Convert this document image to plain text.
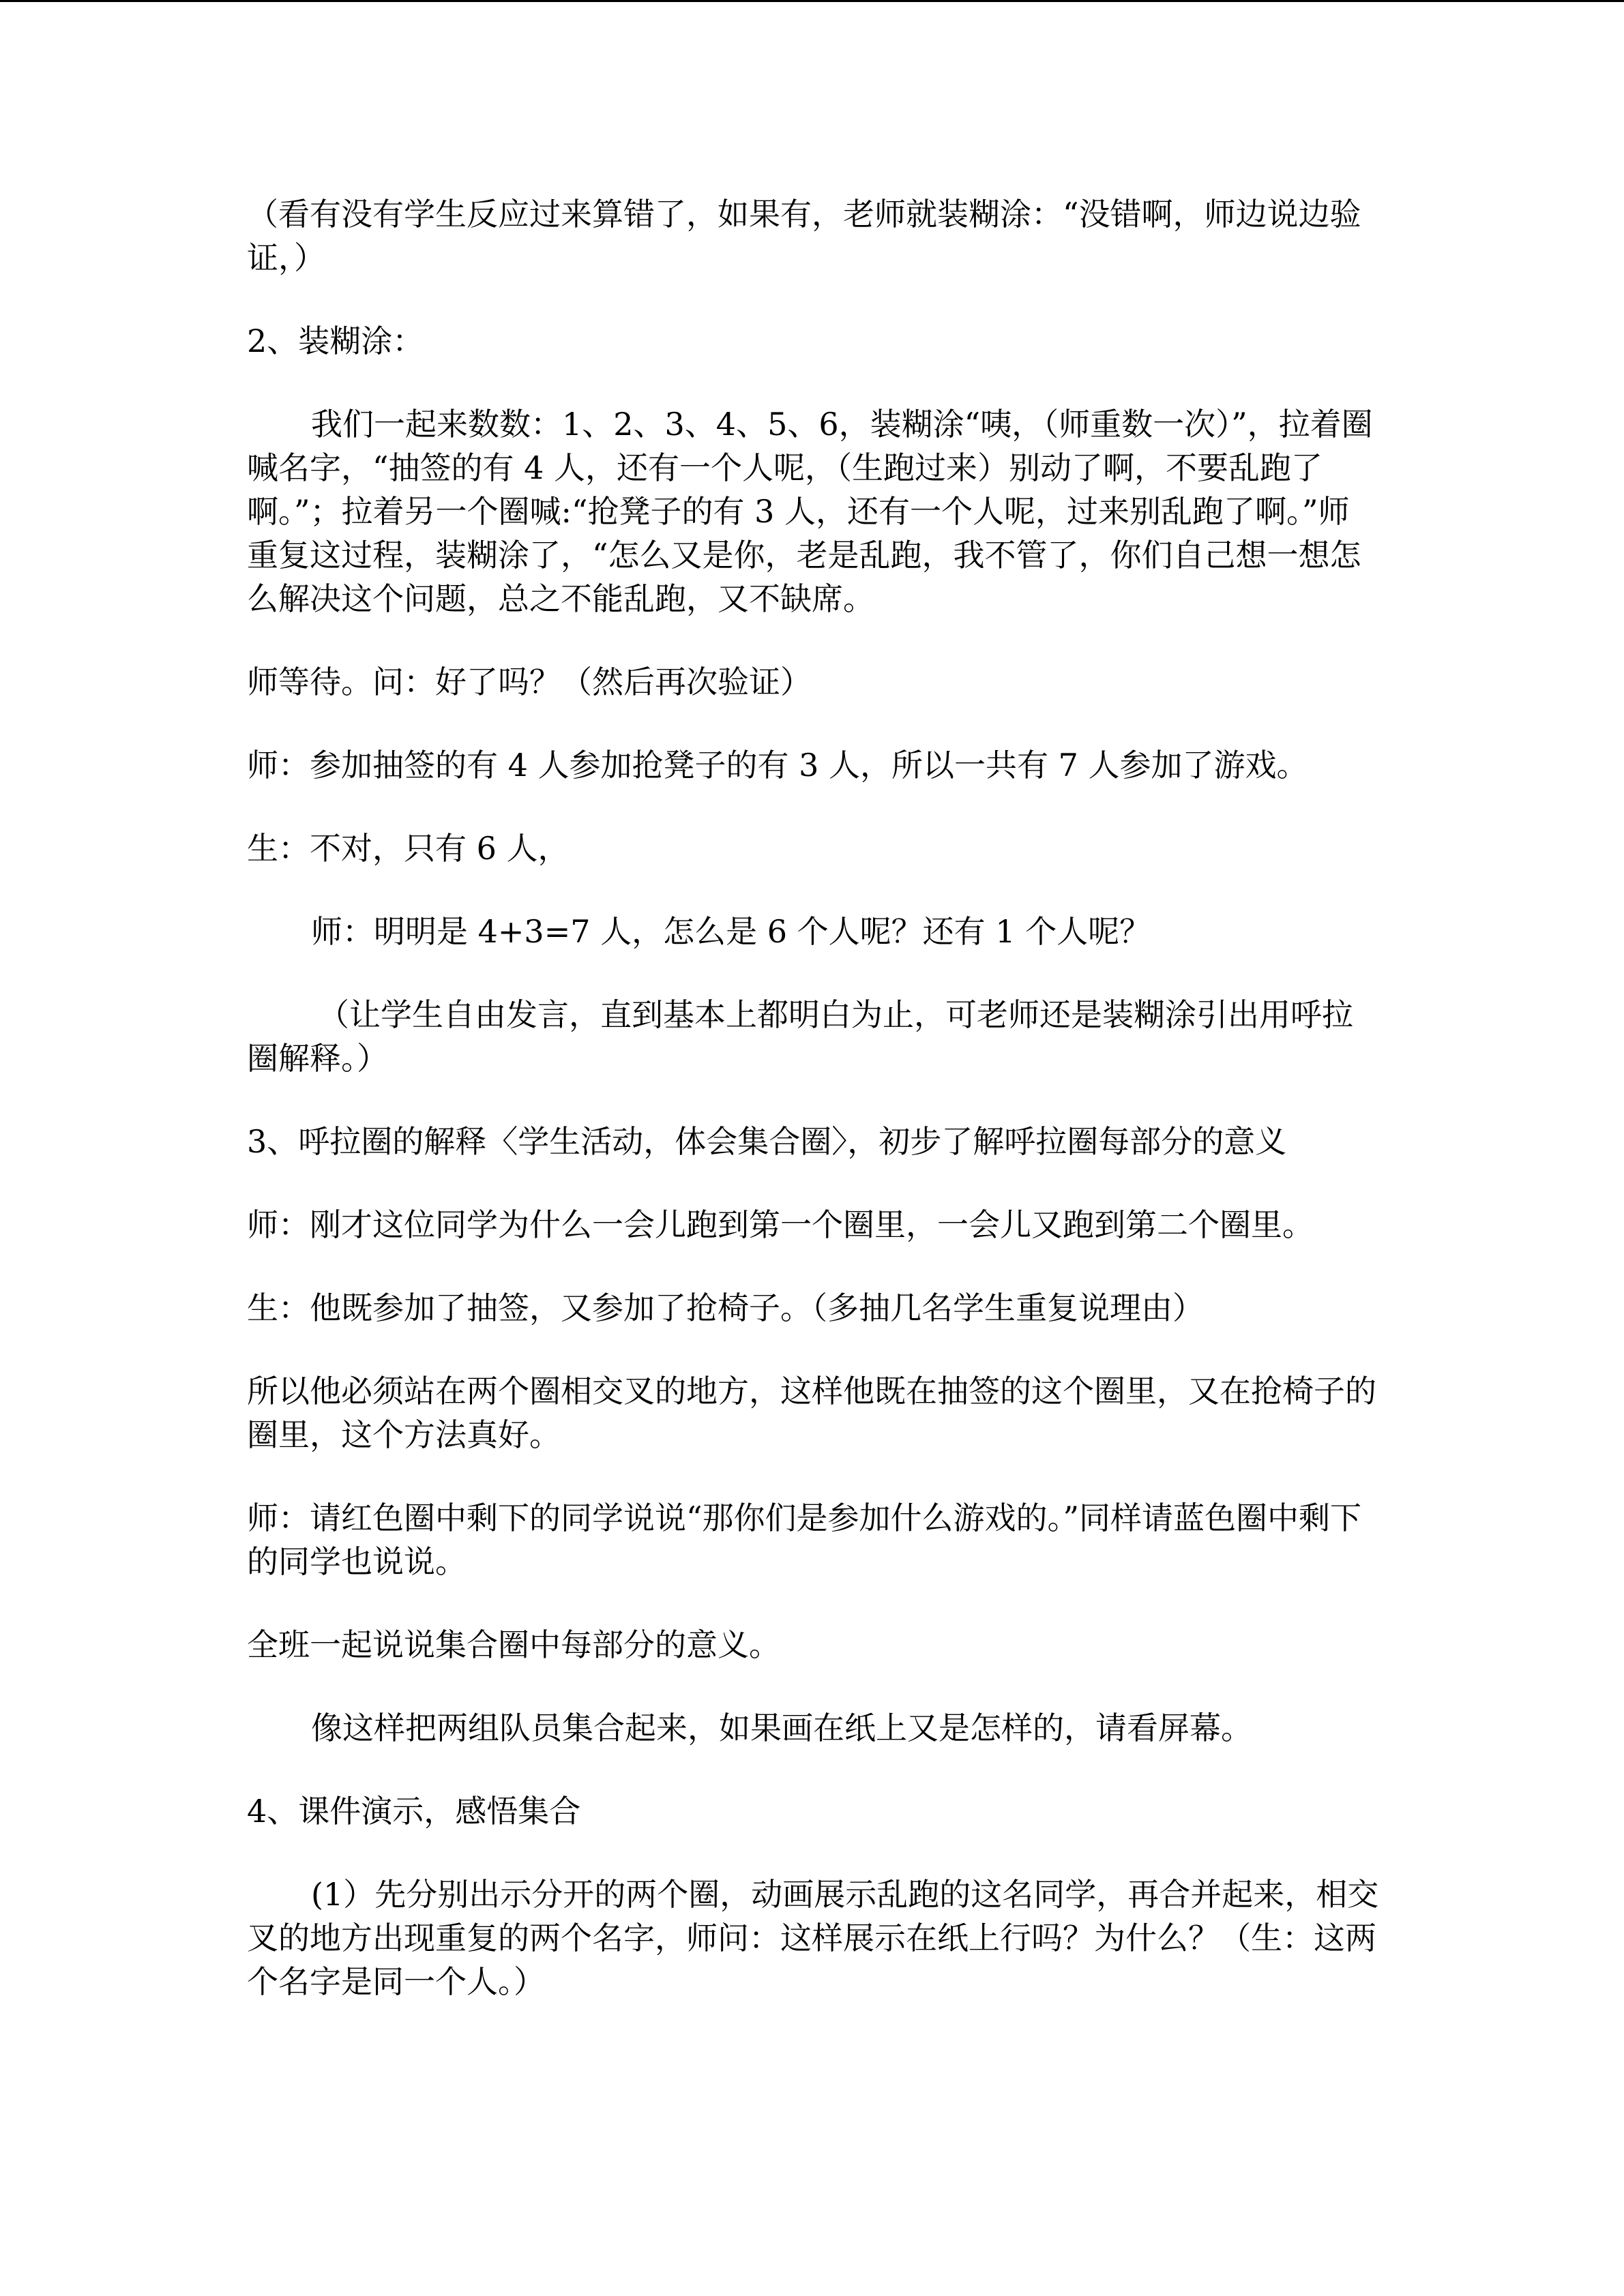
（看有没有学生反应过来算错了，如果有，老师就装糊涂：“没错啊，师边说边验证，）

2、装糊涂：

我们一起来数数：1、2、3、4、5、6，装糊涂“咦，（师重数一次）”，拉着圈喊名字，“抽签的有 4 人，还有一个人呢，（生跑过来）别动了啊，不要乱跑了啊。”；拉着另一个圈喊:“抢凳子的有 3 人，还有一个人呢，过来别乱跑了啊。”师重复这过程，装糊涂了，“怎么又是你，老是乱跑，我不管了，你们自己想一想怎么解决这个问题，总之不能乱跑，又不缺席。

师等待。问：好了吗？（然后再次验证）

师：参加抽签的有 4 人参加抢凳子的有 3 人，所以一共有 7 人参加了游戏。

生：不对，只有 6 人，

师：明明是 4+3=7 人，怎么是 6 个人呢？还有 1 个人呢？

（让学生自由发言，直到基本上都明白为止，可老师还是装糊涂引出用呼拉圈解释。）

3、呼拉圈的解释〈学生活动，体会集合圈〉，初步了解呼拉圈每部分的意义

师：刚才这位同学为什么一会儿跑到第一个圈里，一会儿又跑到第二个圈里。

生：他既参加了抽签，又参加了抢椅子。（多抽几名学生重复说理由）

所以他必须站在两个圈相交叉的地方，这样他既在抽签的这个圈里，又在抢椅子的圈里，这个方法真好。

师：请红色圈中剩下的同学说说“那你们是参加什么游戏的。”同样请蓝色圈中剩下的同学也说说。

全班一起说说集合圈中每部分的意义。

像这样把两组队员集合起来，如果画在纸上又是怎样的，请看屏幕。

4、课件演示，感悟集合

(1）先分别出示分开的两个圈，动画展示乱跑的这名同学，再合并起来，相交叉的地方出现重复的两个名字，师问：这样展示在纸上行吗？为什么？（生：这两个名字是同一个人。）
